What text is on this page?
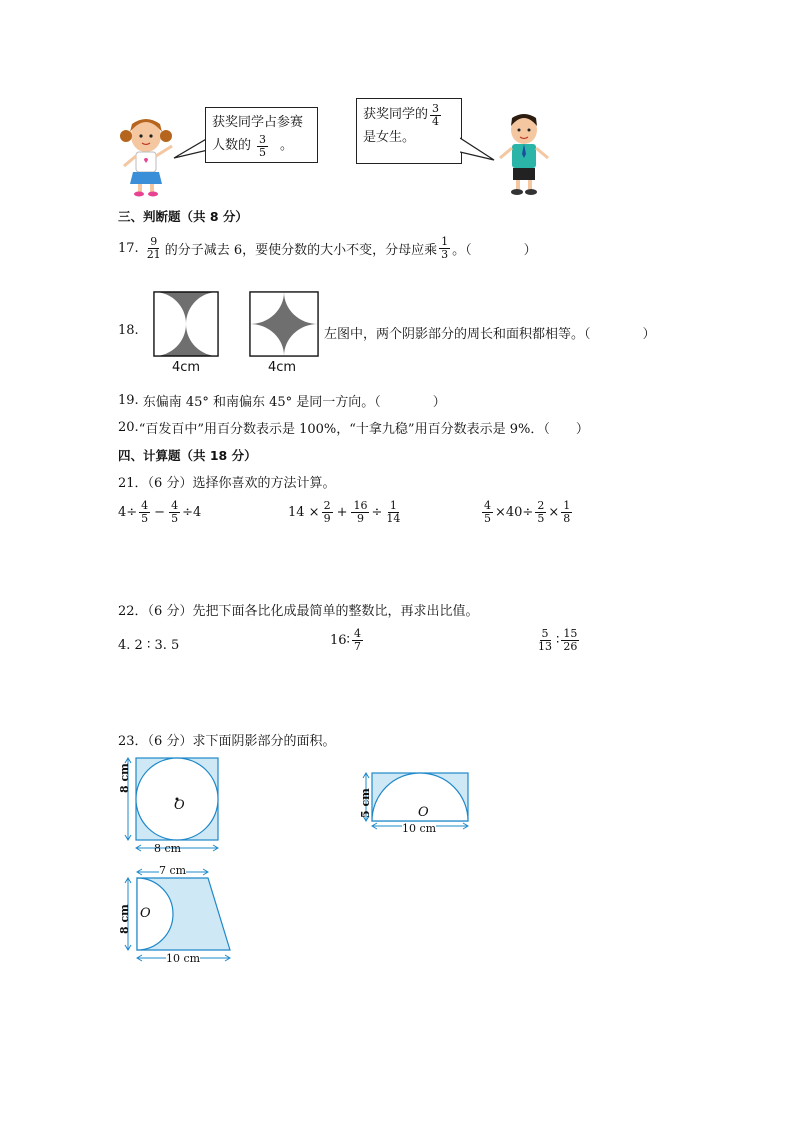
获奖同学占参赛
人数的 $\frac{3}{5}$ 。
获奖同学的 $\frac{3}{4}$
是女生。
三、判断题（共 8 分）
17. $\frac{9}{21}$ 的分子减去 6，要使分数的大小不变，分母应乘 $\frac{1}{3}$ 。（　　　　）
18.
4cm	4cm
左图中，两个阴影部分的周长和面积都相等。（　　　　）
19. 东偏南 45° 和南偏东 45° 是同一方向。（　　　　）
20. “百发百中”用百分数表示是 100%，“十拿九稳”用百分数表示是 9%．（　　）
四、计算题（共 18 分）
21．（6 分）选择你喜欢的方法计算。
$4\div \frac{4}{5} - \frac{4}{5} \div 4$	$14 \times \frac{2}{9} + \frac{16}{9} \div \frac{1}{14}$	$\frac{4}{5} \times 40\div \frac{2}{5} \times \frac{1}{8}$
22．（6 分）先把下面各比化成最简单的整数比，再求出比值。
4. 2 ∶ 3. 5	16∶ $\frac{4}{7}$	$\frac{5}{13}$ ∶ $\frac{15}{26}$
23．（6 分）求下面阴影部分的面积。
8 cm
8 cm
O	5 cm
10 cm
O
7 cm
8 cm
10 cm
O
